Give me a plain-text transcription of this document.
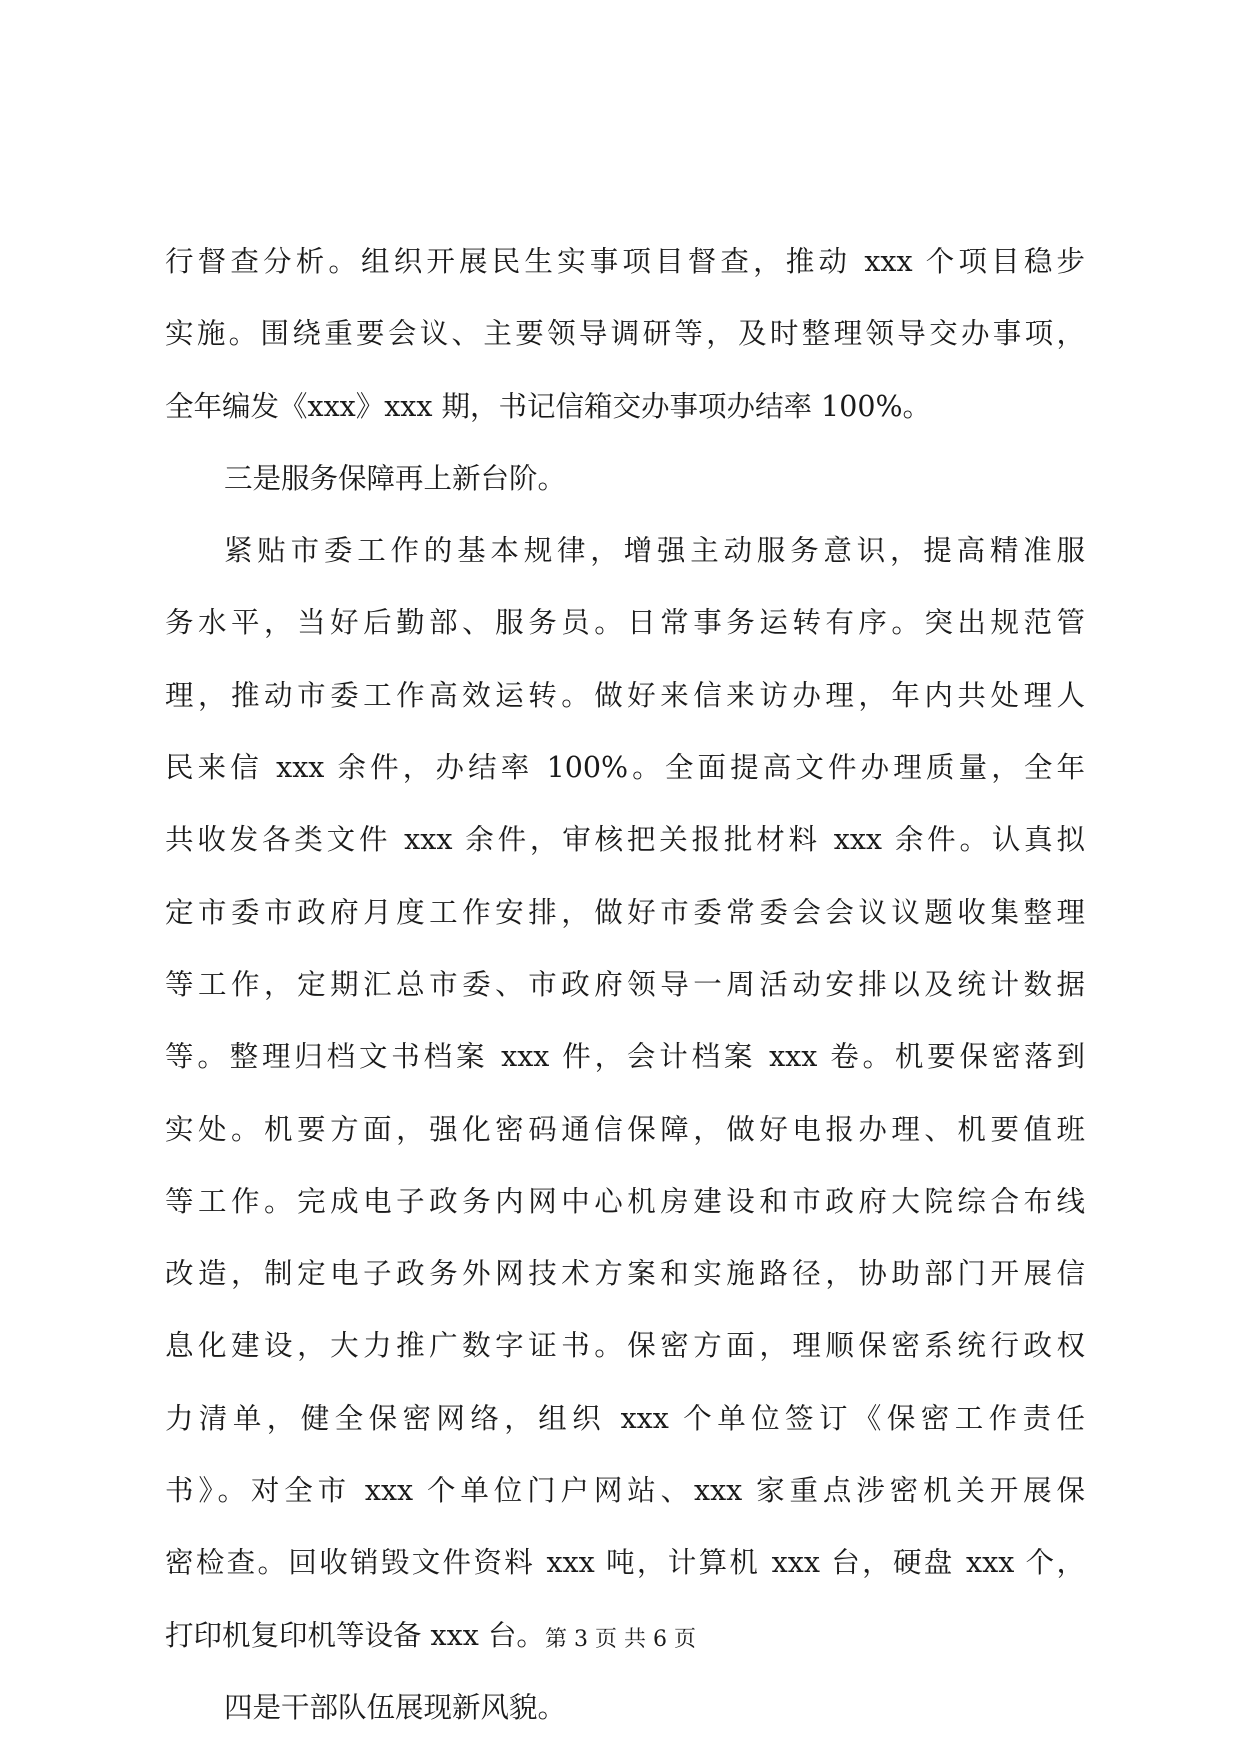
行督查分析。组织开展民生实事项目督查，推动 xxx 个项目稳步
实施。围绕重要会议、主要领导调研等，及时整理领导交办事项，
全年编发《xxx》xxx 期，书记信箱交办事项办结率 100%。
三是服务保障再上新台阶。
紧贴市委工作的基本规律，增强主动服务意识，提高精准服
务水平，当好后勤部、服务员。日常事务运转有序。突出规范管
理，推动市委工作高效运转。做好来信来访办理，年内共处理人
民来信 xxx 余件，办结率 100%。全面提高文件办理质量，全年
共收发各类文件 xxx 余件，审核把关报批材料 xxx 余件。认真拟
定市委市政府月度工作安排，做好市委常委会会议议题收集整理
等工作，定期汇总市委、市政府领导一周活动安排以及统计数据
等。整理归档文书档案 xxx 件，会计档案 xxx 卷。机要保密落到
实处。机要方面，强化密码通信保障，做好电报办理、机要值班
等工作。完成电子政务内网中心机房建设和市政府大院综合布线
改造，制定电子政务外网技术方案和实施路径，协助部门开展信
息化建设，大力推广数字证书。保密方面，理顺保密系统行政权
力清单，健全保密网络，组织 xxx 个单位签订《保密工作责任
书》。对全市 xxx 个单位门户网站、xxx 家重点涉密机关开展保
密检查。回收销毁文件资料 xxx 吨，计算机 xxx 台，硬盘 xxx 个，
打印机复印机等设备 xxx 台。
四是干部队伍展现新风貌。
第 3 页 共 6 页
